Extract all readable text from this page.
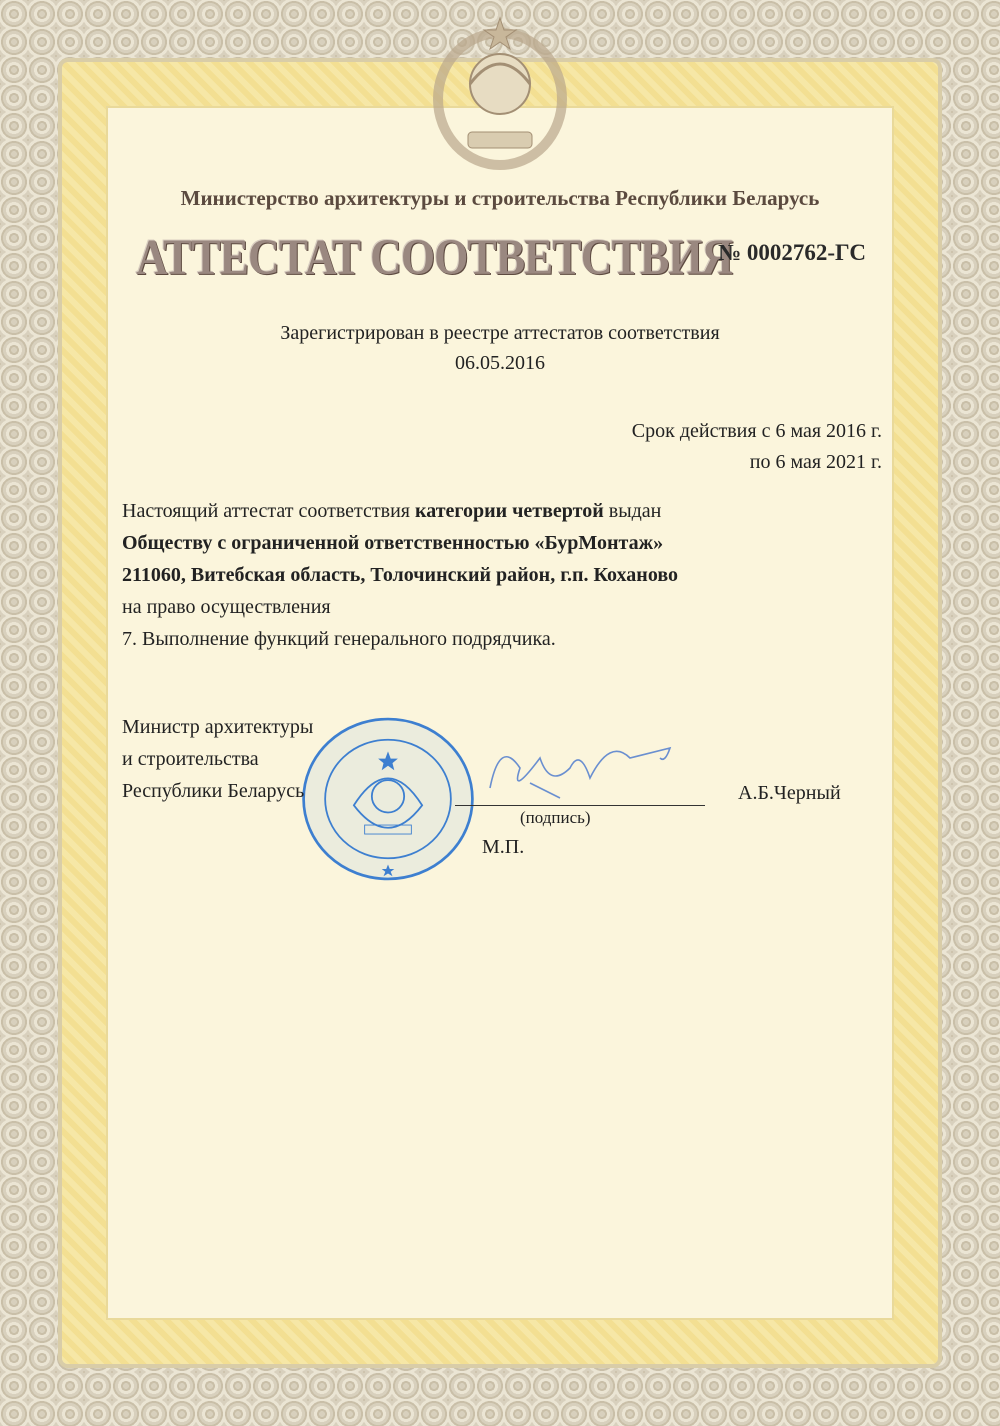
Министерство архитектуры и строительства Республики Беларусь
АТТЕСТАТ СООТВЕТСТВИЯ
№ 0002762-ГС
Зарегистрирован в реестре аттестатов соответствия
06.05.2016
Срок действия с 6 мая 2016 г.
по 6 мая 2021 г.
Настоящий аттестат соответствия категории четвертой выдан
Обществу с ограниченной ответственностью «БурМонтаж»
211060, Витебская область, Толочинский район, г.п. Коханово
на право осуществления
7. Выполнение функций генерального подрядчика.
Министр архитектуры
и строительства
Республики Беларусь
(подпись)
М.П.
А.Б.Черный
